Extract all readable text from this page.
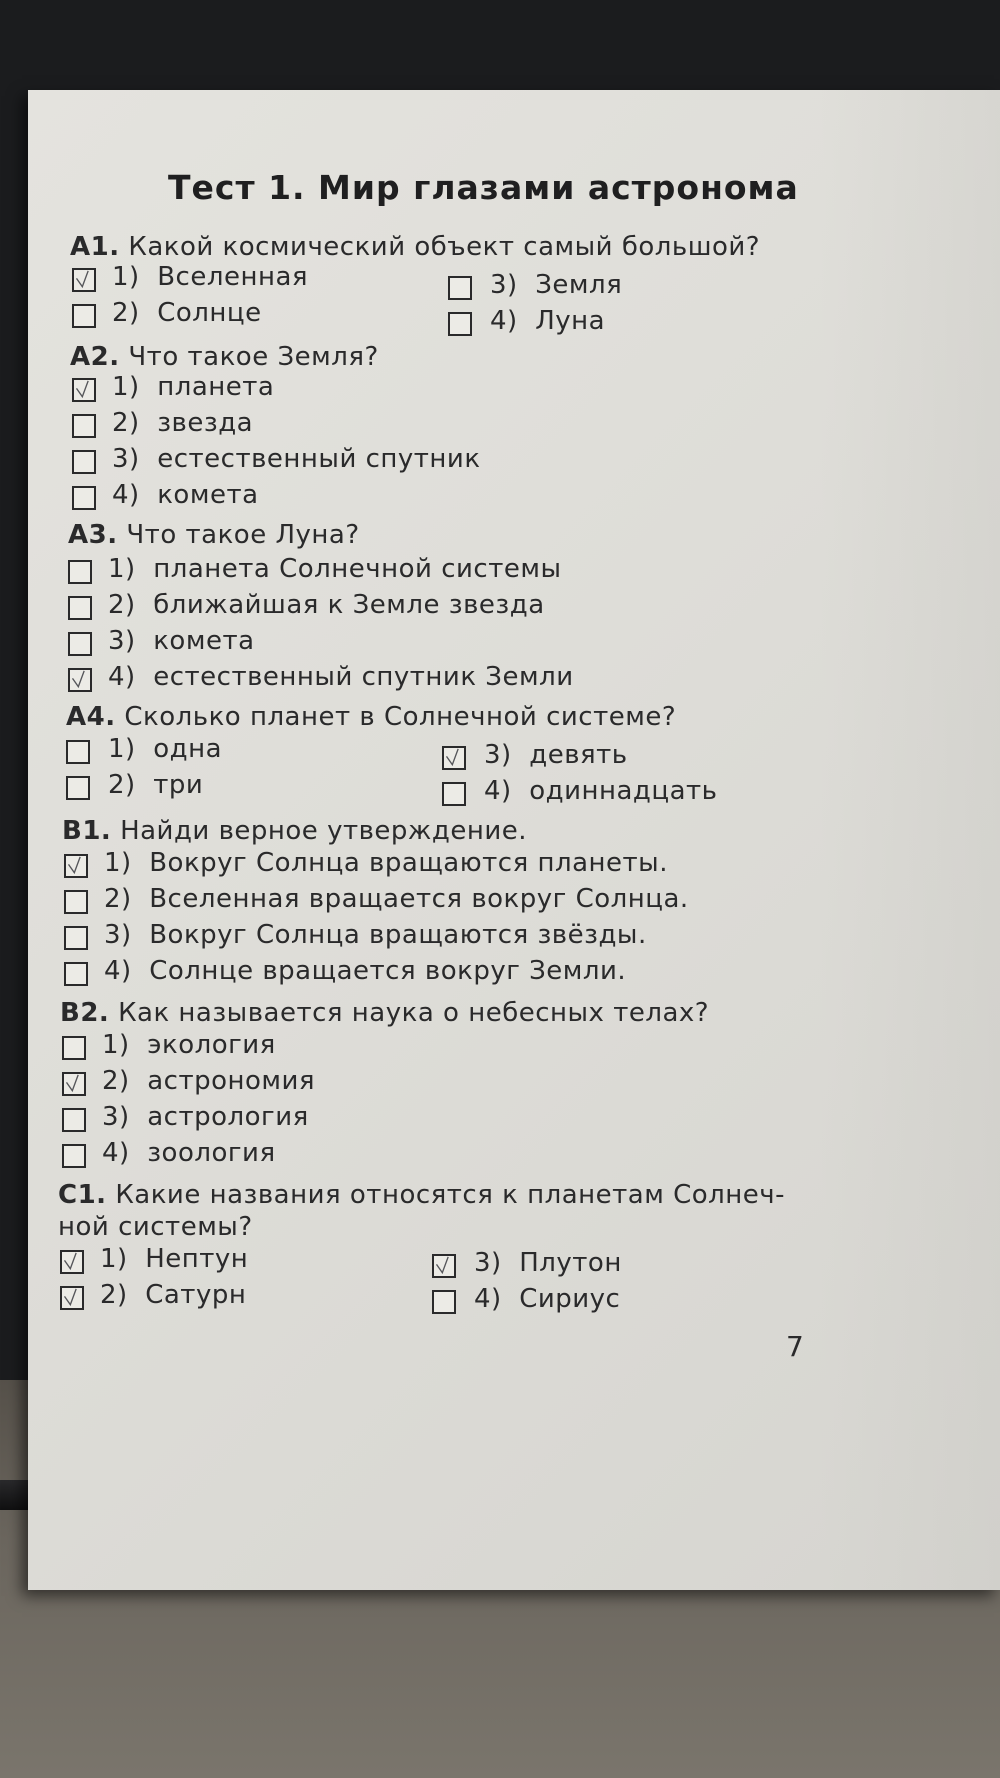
Тест 1. Мир глазами астронома
A1. Какой космический объект самый большой?
1) Вселенная
2) Солнце
3) Земля
4) Луна
A2. Что такое Земля?
1) планета
2) звезда
3) естественный спутник
4) комета
A3. Что такое Луна?
1) планета Солнечной системы
2) ближайшая к Земле звезда
3) комета
4) естественный спутник Земли
A4. Сколько планет в Солнечной системе?
1) одна
2) три
3) девять
4) одиннадцать
B1. Найди верное утверждение.
1) Вокруг Солнца вращаются планеты.
2) Вселенная вращается вокруг Солнца.
3) Вокруг Солнца вращаются звёзды.
4) Солнце вращается вокруг Земли.
B2. Как называется наука о небесных телах?
1) экология
2) астрономия
3) астрология
4) зоология
C1. Какие названия относятся к планетам Солнеч-
ной системы?
1) Нептун
2) Сатурн
3) Плутон
4) Сириус
7
